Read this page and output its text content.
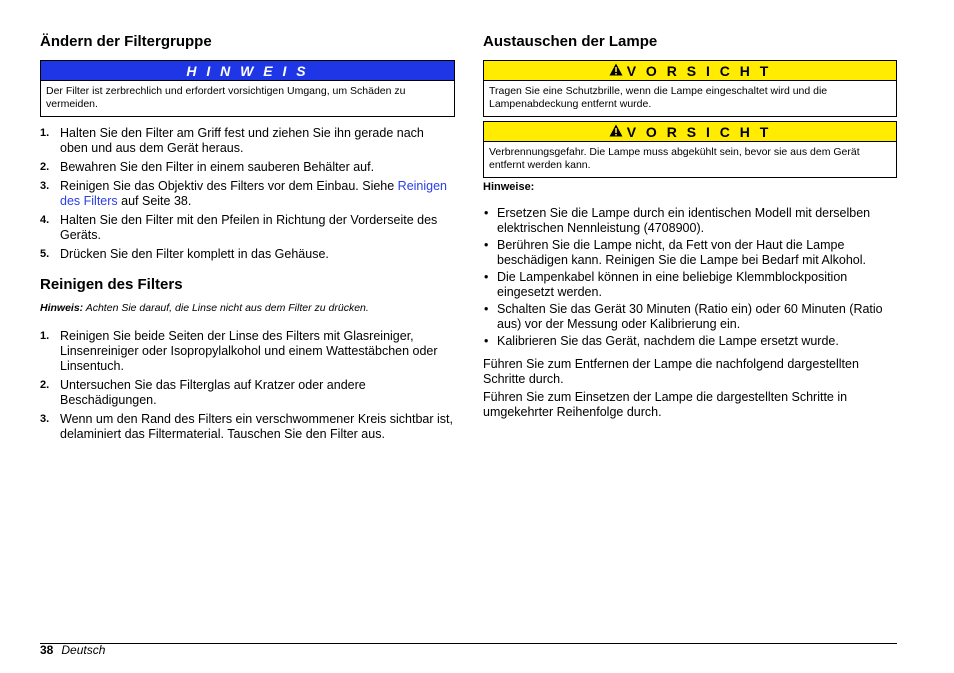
Ändern der Filtergruppe
H I N W E I S
Der Filter ist zerbrechlich und erfordert vorsichtigen Umgang, um Schäden zu vermeiden.
1. Halten Sie den Filter am Griff fest und ziehen Sie ihn gerade nach oben und aus dem Gerät heraus.
2. Bewahren Sie den Filter in einem sauberen Behälter auf.
3. Reinigen Sie das Objektiv des Filters vor dem Einbau. Siehe Reinigen des Filters auf Seite 38.
4. Halten Sie den Filter mit den Pfeilen in Richtung der Vorderseite des Geräts.
5. Drücken Sie den Filter komplett in das Gehäuse.
Reinigen des Filters
Hinweis: Achten Sie darauf, die Linse nicht aus dem Filter zu drücken.
1. Reinigen Sie beide Seiten der Linse des Filters mit Glasreiniger, Linsenreiniger oder Isopropylalkohol und einem Wattestäbchen oder Linsentuch.
2. Untersuchen Sie das Filterglas auf Kratzer oder andere Beschädigungen.
3. Wenn um den Rand des Filters ein verschwommener Kreis sichtbar ist, delaminiert das Filtermaterial. Tauschen Sie den Filter aus.
Austauschen der Lampe
V O R S I C H T
Tragen Sie eine Schutzbrille, wenn die Lampe eingeschaltet wird und die Lampenabdeckung entfernt wurde.
V O R S I C H T
Verbrennungsgefahr. Die Lampe muss abgekühlt sein, bevor sie aus dem Gerät entfernt werden kann.
Hinweise:
• Ersetzen Sie die Lampe durch ein identischen Modell mit derselben elektrischen Nennleistung (4708900).
• Berühren Sie die Lampe nicht, da Fett von der Haut die Lampe beschädigen kann. Reinigen Sie die Lampe bei Bedarf mit Alkohol.
• Die Lampenkabel können in eine beliebige Klemmblockposition eingesetzt werden.
• Schalten Sie das Gerät 30 Minuten (Ratio ein) oder 60 Minuten (Ratio aus) vor der Messung oder Kalibrierung ein.
• Kalibrieren Sie das Gerät, nachdem die Lampe ersetzt wurde.

Führen Sie zum Entfernen der Lampe die nachfolgend dargestellten Schritte durch.

Führen Sie zum Einsetzen der Lampe die dargestellten Schritte in umgekehrter Reihenfolge durch.

38 Deutsch
